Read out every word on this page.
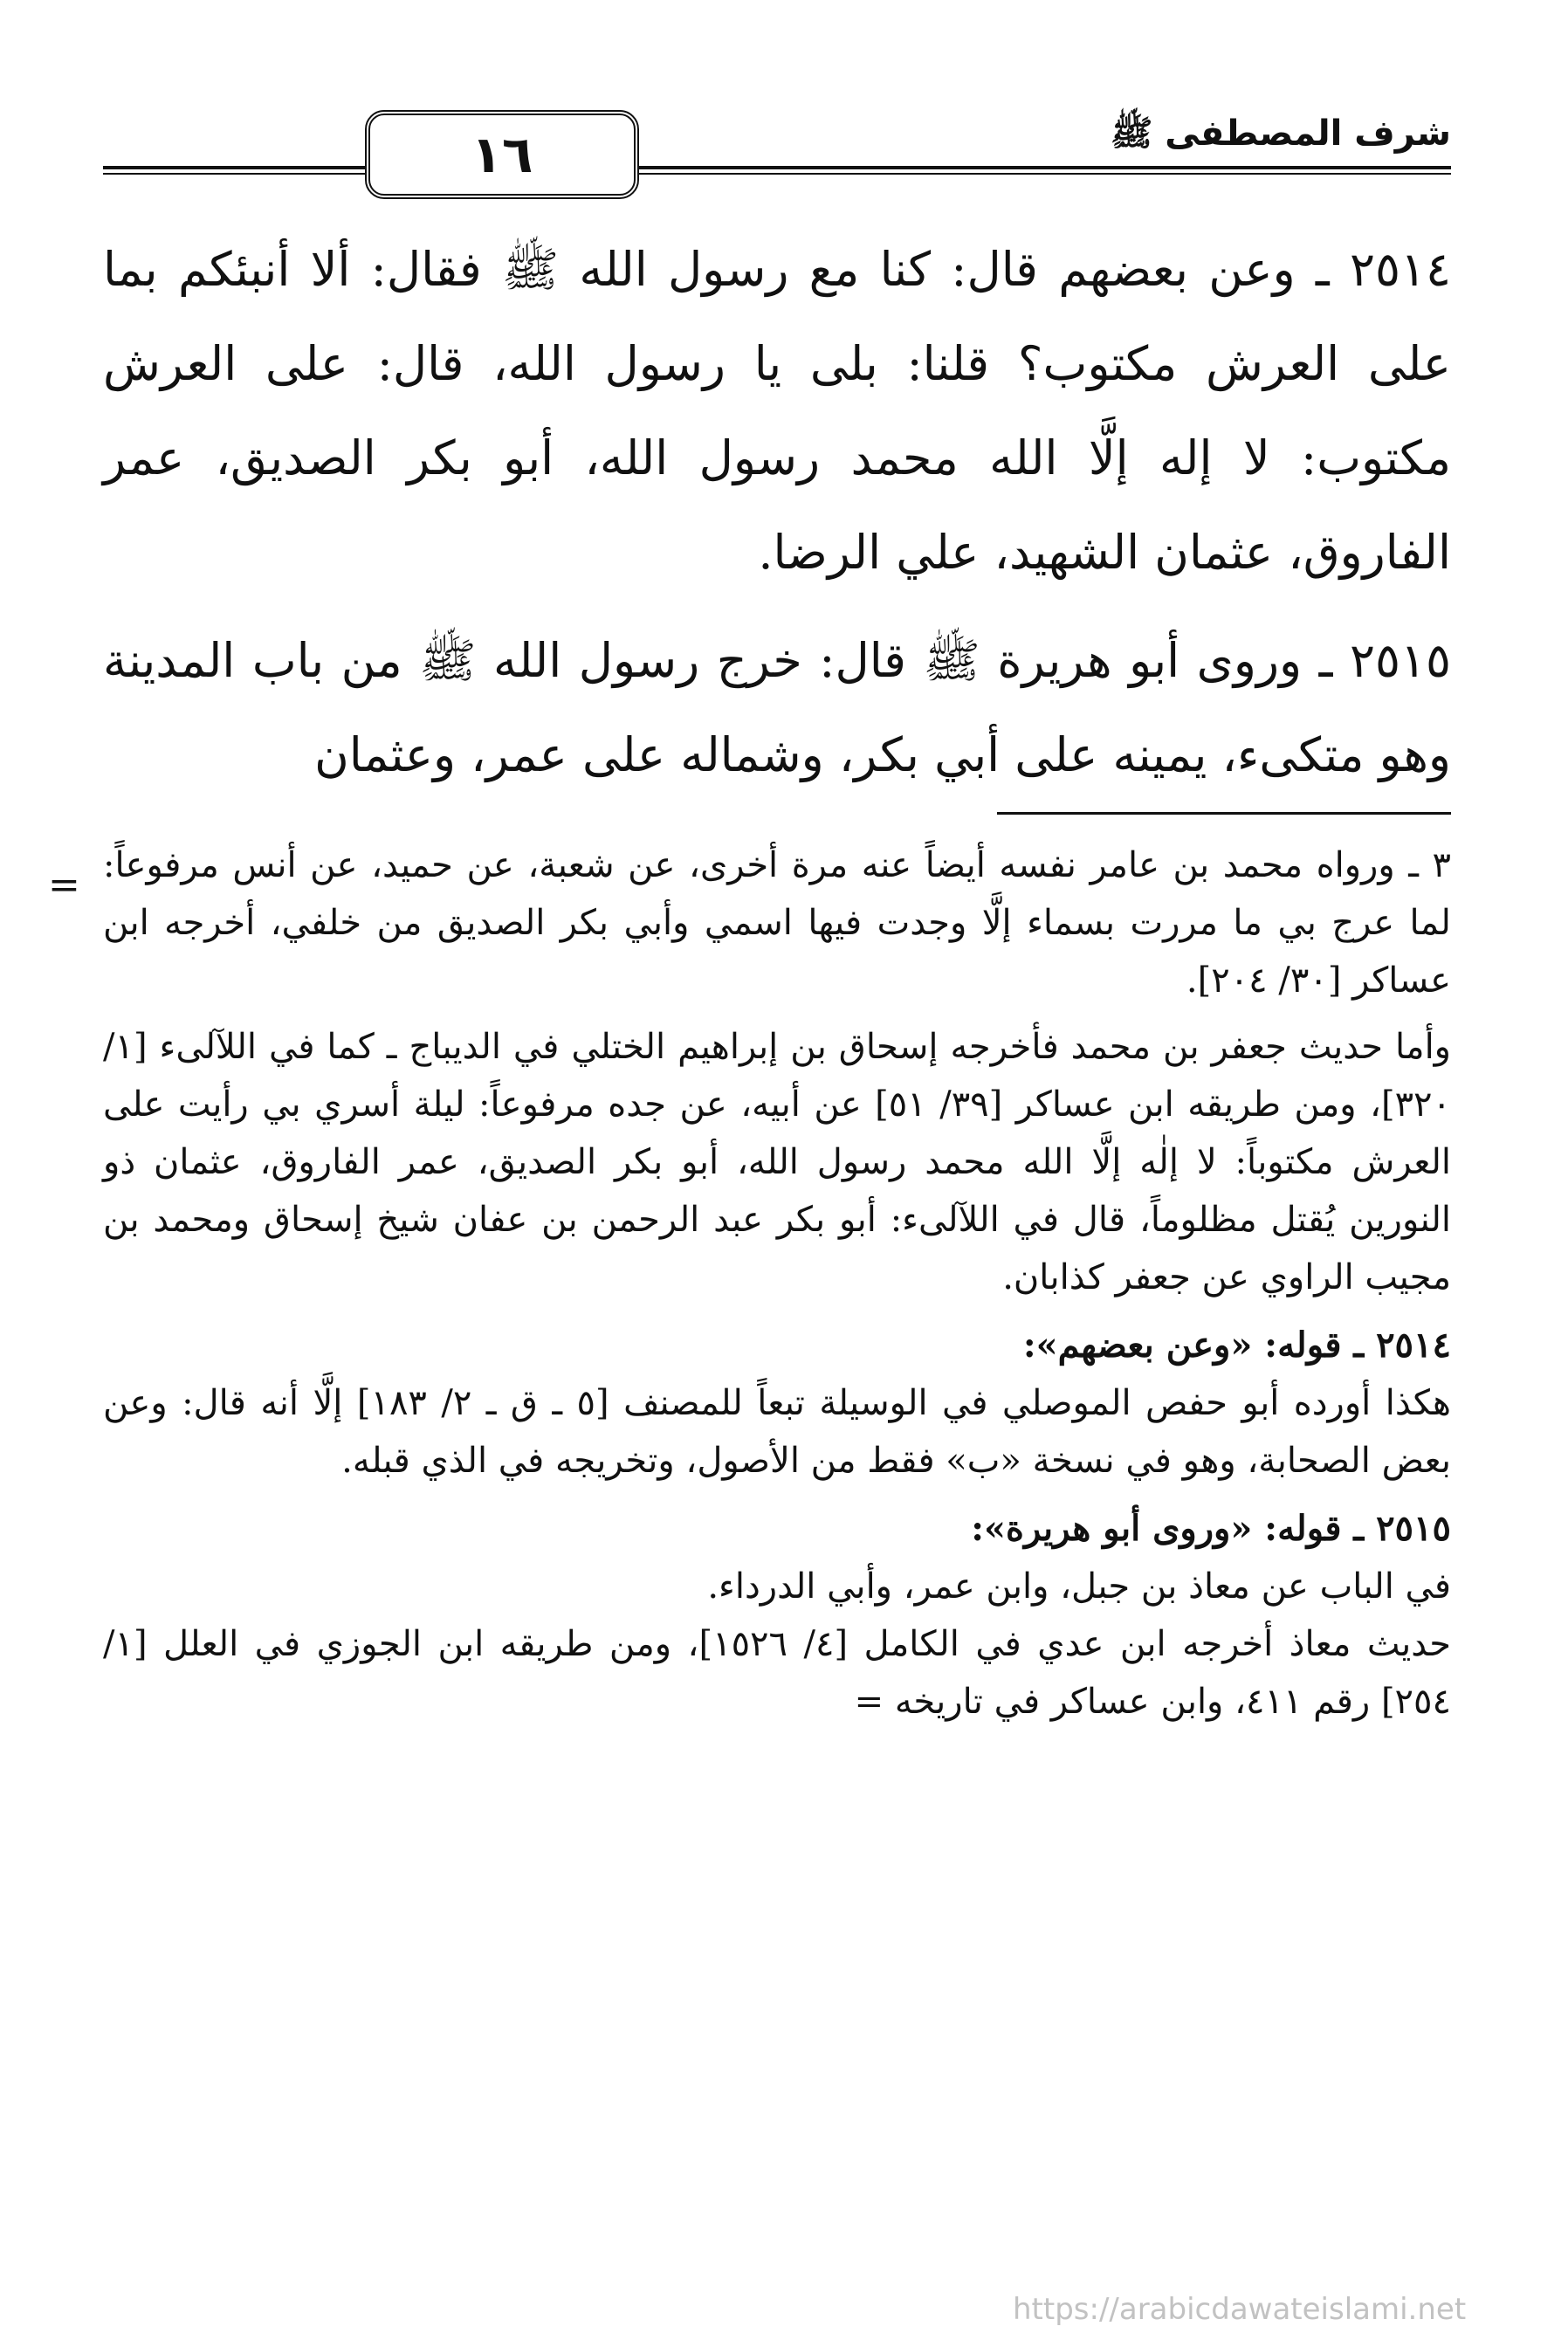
١٦	شرف المصطفى ﷺ

٢٥١٤ ـ وعن بعضهم قال: كنا مع رسول الله ﷺ فقال: ألا أنبئكم بما على العرش مكتوب؟ قلنا: بلى يا رسول الله، قال: على العرش مكتوب: لا إله إلَّا الله محمد رسول الله، أبو بكر الصديق، عمر الفاروق، عثمان الشهيد، علي الرضا.

٢٥١٥ ـ وروى أبو هريرة ﷺ قال: خرج رسول الله ﷺ من باب المدينة وهو متكىء، يمينه على أبي بكر، وشماله على عمر، وعثمان

= ٣ ـ ورواه محمد بن عامر نفسه أيضاً عنه مرة أخرى، عن شعبة، عن حميد، عن أنس مرفوعاً: لما عرج بي ما مررت بسماء إلَّا وجدت فيها اسمي وأبي بكر الصديق من خلفي، أخرجه ابن عساكر [٣٠/ ٢٠٤].

وأما حديث جعفر بن محمد فأخرجه إسحاق بن إبراهيم الختلي في الديباج ـ كما في اللآلىء [١/ ٣٢٠]، ومن طريقه ابن عساكر [٣٩/ ٥١] عن أبيه، عن جده مرفوعاً: ليلة أسري بي رأيت على العرش مكتوباً: لا إلٰه إلَّا الله محمد رسول الله، أبو بكر الصديق، عمر الفاروق، عثمان ذو النورين يُقتل مظلوماً، قال في اللآلىء: أبو بكر عبد الرحمن بن عفان شيخ إسحاق ومحمد بن مجيب الراوي عن جعفر كذابان.

٢٥١٤ ـ قوله: «وعن بعضهم»:

هكذا أورده أبو حفص الموصلي في الوسيلة تبعاً للمصنف [٥ ـ ق ـ ٢/ ١٨٣] إلَّا أنه قال: وعن بعض الصحابة، وهو في نسخة «ب» فقط من الأصول، وتخريجه في الذي قبله.

٢٥١٥ ـ قوله: «وروى أبو هريرة»:

في الباب عن معاذ بن جبل، وابن عمر، وأبي الدرداء.

حديث معاذ أخرجه ابن عدي في الكامل [٤/ ١٥٢٦]، ومن طريقه ابن الجوزي في العلل [١/ ٢٥٤] رقم ٤١١، وابن عساكر في تاريخه =

https://arabicdawateislami.net
